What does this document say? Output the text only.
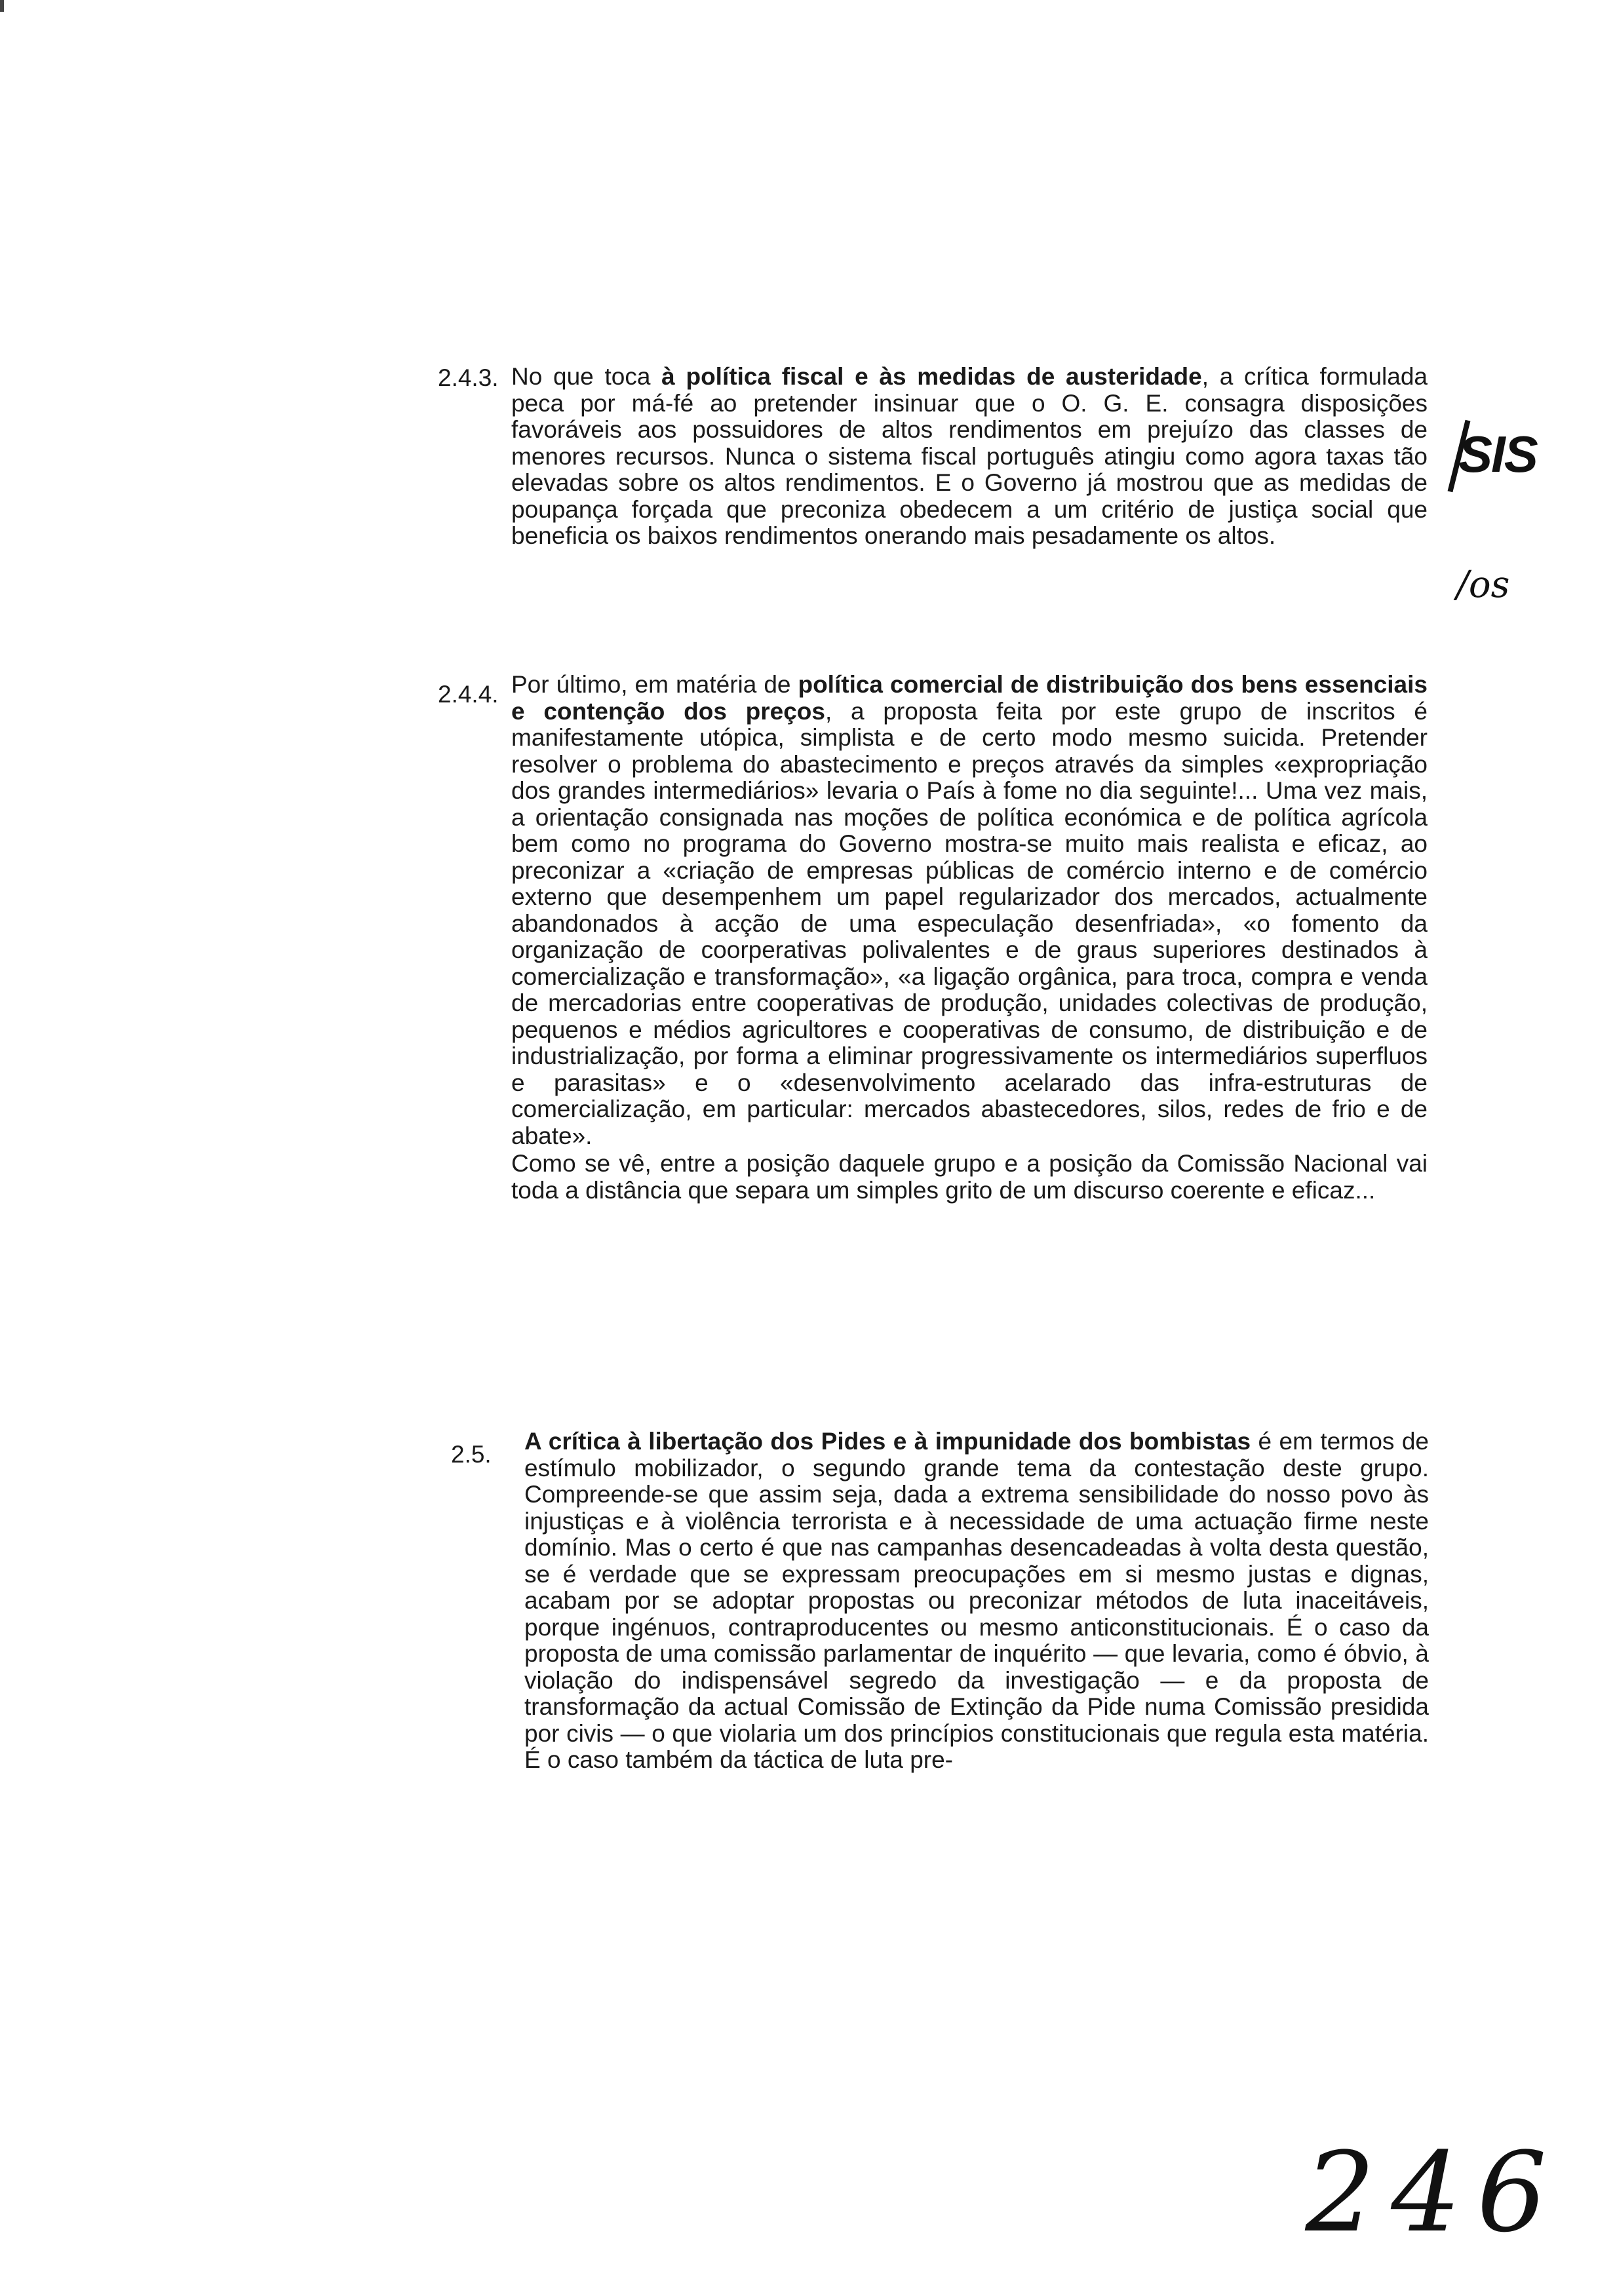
2.4.3. No que toca à política fiscal e às medidas de austeridade, a crítica formulada peca por má-fé ao pretender insinuar que o O. G. E. consagra disposições favoráveis aos possuidores de altos rendimentos em prejuízo das classes de menores recursos. Nunca o sistema fiscal português atingiu como agora taxas tão elevadas sobre os altos rendimentos. E o Governo já mostrou que as medidas de poupança forçada que preconiza obedecem a um critério de justiça social que beneficia os baixos rendimentos onerando mais pesadamente os altos.

2.4.4. Por último, em matéria de política comercial de distribuição dos bens essenciais e contenção dos preços, a proposta feita por este grupo de inscritos é manifestamente utópica, simplista e de certo modo mesmo suicida. Pretender resolver o problema do abastecimento e preços através da simples «expropriação dos grandes intermediários» levaria o País à fome no dia seguinte!... Uma vez mais, a orientação consignada nas moções de política económica e de política agrícola bem como no programa do Governo mostra-se muito mais realista e eficaz, ao preconizar a «criação de empresas públicas de comércio interno e de comércio externo que desempenhem um papel regularizador dos mercados, actualmente abandonados à acção de uma especulação desenfriada», «o fomento da organização de coorperativas polivalentes e de graus superiores destinados à comercialização e transformação», «a ligação orgânica, para troca, compra e venda de mercadorias entre cooperativas de produção, unidades colectivas de produção, pequenos e médios agricultores e cooperativas de consumo, de distribuição e de industrialização, por forma a eliminar progressivamente os intermediários superfluos e parasitas» e o «desenvolvimento acelarado das infra-estruturas de comercialização, em particular: mercados abastecedores, silos, redes de frio e de abate».

Como se vê, entre a posição daquele grupo e a posição da Comissão Nacional vai toda a distância que separa um simples grito de um discurso coerente e eficaz...

2.5. A crítica à libertação dos Pides e à impunidade dos bombistas é em termos de estímulo mobilizador, o segundo grande tema da contestação deste grupo. Compreende-se que assim seja, dada a extrema sensibilidade do nosso povo às injustiças e à violência terrorista e à necessidade de uma actuação firme neste domínio. Mas o certo é que nas campanhas desencadeadas à volta desta questão, se é verdade que se expressam preocupações em si mesmo justas e dignas, acabam por se adoptar propostas ou preconizar métodos de luta inaceitáveis, porque ingénuos, contraproducentes ou mesmo anticonstitucionais. É o caso da proposta de uma comissão parlamentar de inquérito — que levaria, como é óbvio, à violação do indispensável segredo da investigação — e da proposta de transformação da actual Comissão de Extinção da Pide numa Comissão presidida por civis — o que violaria um dos princípios constitucionais que regula esta matéria. É o caso também da táctica de luta pre-

SIS
/os
246
